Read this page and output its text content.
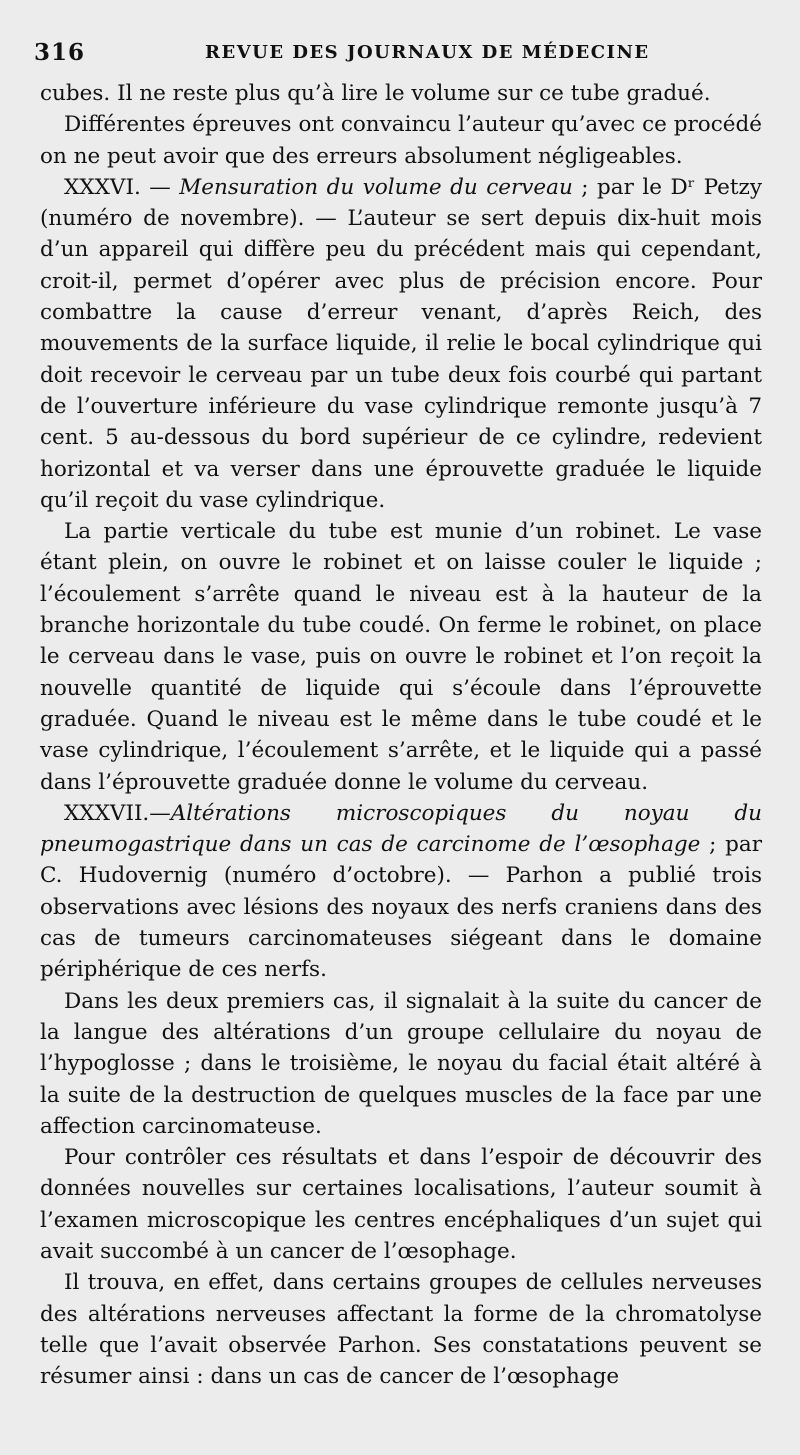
316	REVUE DES JOURNAUX DE MÉDECINE

cubes. Il ne reste plus qu’à lire le volume sur ce tube gradué.

Différentes épreuves ont convaincu l’auteur qu’avec ce procédé on ne peut avoir que des erreurs absolument négligeables.

XXXVI. — Mensuration du volume du cerveau ; par le Dʳ Petzy (numéro de novembre). — L’auteur se sert depuis dix-huit mois d’un appareil qui diffère peu du précédent mais qui cependant, croit-il, permet d’opérer avec plus de précision encore. Pour combattre la cause d’erreur venant, d’après Reich, des mouvements de la surface liquide, il relie le bocal cylindrique qui doit recevoir le cerveau par un tube deux fois courbé qui partant de l’ouverture inférieure du vase cylindrique remonte jusqu’à 7 cent. 5 au-dessous du bord supérieur de ce cylindre, redevient horizontal et va verser dans une éprouvette graduée le liquide qu’il reçoit du vase cylindrique.

La partie verticale du tube est munie d’un robinet. Le vase étant plein, on ouvre le robinet et on laisse couler le liquide ; l’écoulement s’arrête quand le niveau est à la hauteur de la branche horizontale du tube coudé. On ferme le robinet, on place le cerveau dans le vase, puis on ouvre le robinet et l’on reçoit la nouvelle quantité de liquide qui s’écoule dans l’éprouvette graduée. Quand le niveau est le même dans le tube coudé et le vase cylindrique, l’écoulement s’arrête, et le liquide qui a passé dans l’éprouvette graduée donne le volume du cerveau.

XXXVII.—Altérations microscopiques du noyau du pneumogastrique dans un cas de carcinome de l’œsophage ; par C. Hudovernig (numéro d’octobre). — Parhon a publié trois observations avec lésions des noyaux des nerfs craniens dans des cas de tumeurs carcinomateuses siégeant dans le domaine périphérique de ces nerfs.

Dans les deux premiers cas, il signalait à la suite du cancer de la langue des altérations d’un groupe cellulaire du noyau de l’hypoglosse ; dans le troisième, le noyau du facial était altéré à la suite de la destruction de quelques muscles de la face par une affection carcinomateuse.

Pour contrôler ces résultats et dans l’espoir de découvrir des données nouvelles sur certaines localisations, l’auteur soumit à l’examen microscopique les centres encéphaliques d’un sujet qui avait succombé à un cancer de l’œsophage.

Il trouva, en effet, dans certains groupes de cellules nerveuses des altérations nerveuses affectant la forme de la chromatolyse telle que l’avait observée Parhon. Ses constatations peuvent se résumer ainsi : dans un cas de cancer de l’œsophage
